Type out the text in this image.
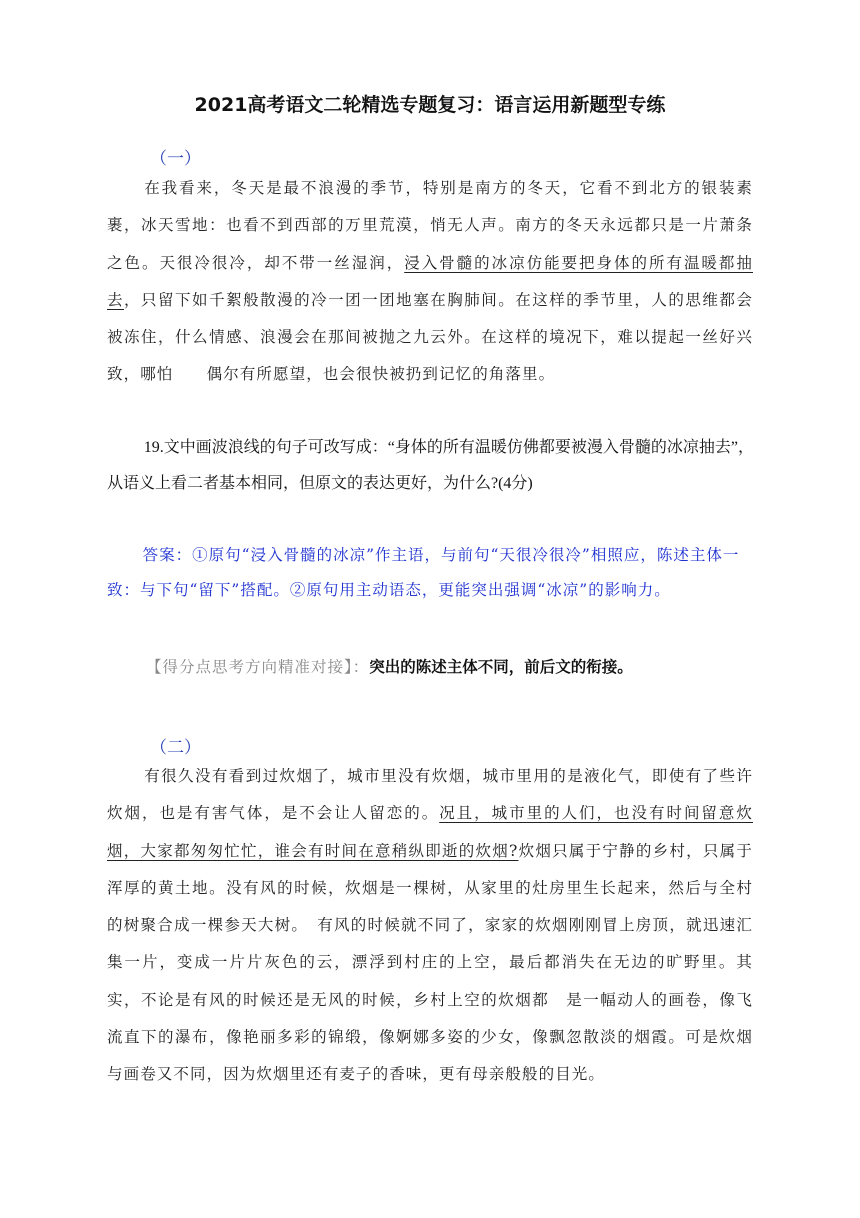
2021高考语文二轮精选专题复习：语言运用新题型专练
（一）
在我看来，冬天是最不浪漫的季节，特别是南方的冬天，它看不到北方的银装素裹，冰天雪地：也看不到西部的万里荒漠，悄无人声。南方的冬天永远都只是一片萧条之色。天很冷很冷，却不带一丝湿润，浸入骨髓的冰凉仿能要把身体的所有温暖都抽去，只留下如千絮般散漫的冷一团一团地塞在胸肺间。在这样的季节里，人的思维都会被冻住，什么情感、浪漫会在那间被抛之九云外。在这样的境况下，难以提起一丝好兴致，哪怕　　偶尔有所愿望，也会很快被扔到记忆的角落里。
19.文中画波浪线的句子可改写成：“身体的所有温暖仿佛都要被漫入骨髓的冰凉抽去”，从语义上看二者基本相同，但原文的表达更好，为什么?(4分)
答案：①原句“浸入骨髓的冰凉”作主语，与前句“天很冷很冷”相照应，陈述主体一致：与下句“留下”搭配。②原句用主动语态，更能突出强调“冰凉”的影响力。
【得分点思考方向精准对接】：突出的陈述主体不同，前后文的衔接。
（二）
有很久没有看到过炊烟了，城市里没有炊烟，城市里用的是液化气，即使有了些许炊烟，也是有害气体，是不会让人留恋的。况且，城市里的人们，也没有时间留意炊烟，大家都匆匆忙忙，谁会有时间在意稍纵即逝的炊烟?炊烟只属于宁静的乡村，只属于浑厚的黄土地。没有风的时候，炊烟是一棵树，从家里的灶房里生长起来，然后与全村的树聚合成一棵参天大树。　有风的时候就不同了，家家的炊烟刚刚冒上房顶，就迅速汇集一片，变成一片片灰色的云，漂浮到村庄的上空，最后都消失在无边的旷野里。其实，不论是有风的时候还是无风的时候，乡村上空的炊烟都　是一幅动人的画卷，像飞流直下的瀑布，像艳丽多彩的锦缎，像婀娜多姿的少女，像飘忽散淡的烟霞。可是炊烟与画卷又不同，因为炊烟里还有麦子的香味，更有母亲般般的目光。
